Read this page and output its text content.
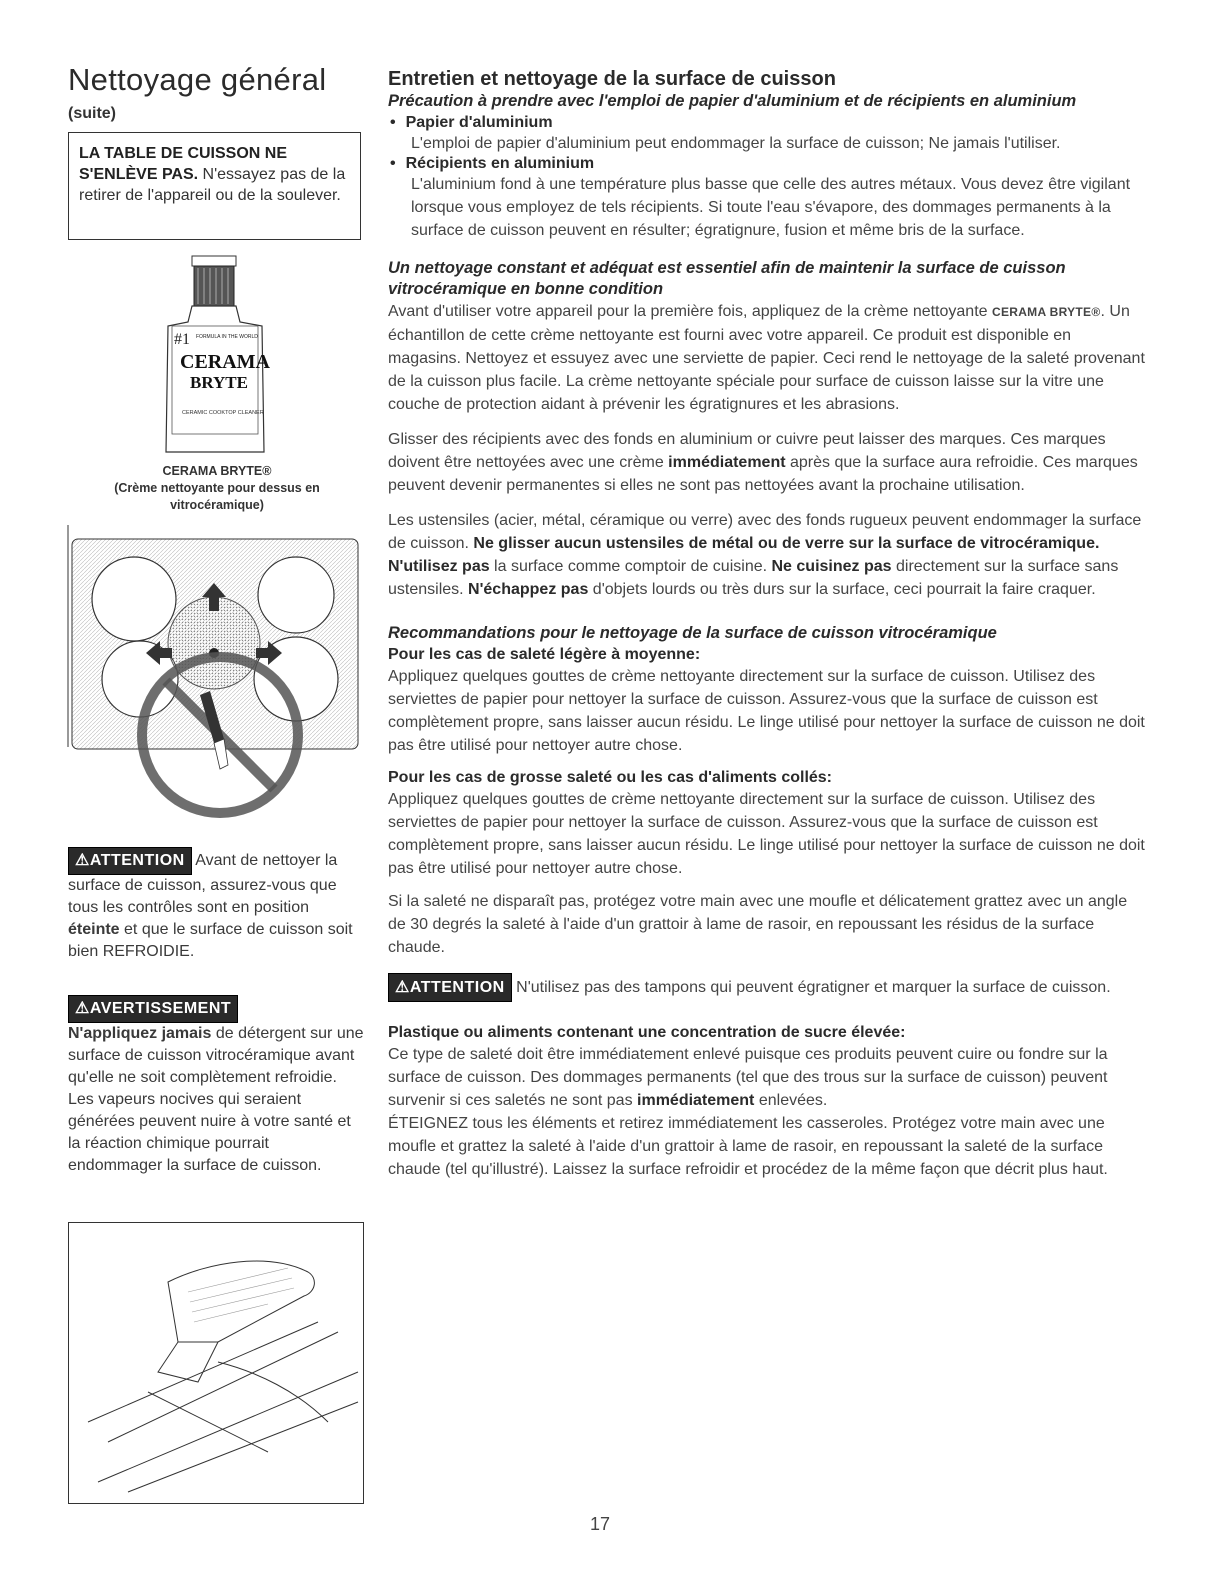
Nettoyage général
(suite)
LA TABLE DE CUISSON NE S'ENLÈVE PAS. N'essayez pas de la retirer de l'appareil ou de la soulever.
#1 FORMULA IN THE WORLD
CERAMA
BRYTE
CERAMIC COOKTOP CLEANER
CERAMA BRYTE®
(Crème nettoyante pour dessus en vitrocéramique)
⚠ATTENTION Avant de nettoyer la surface de cuisson, assurez-vous que tous les contrôles sont en position éteinte et que le surface de cuisson soit bien REFROIDIE.
⚠AVERTISSEMENT
N'appliquez jamais de détergent sur une surface de cuisson vitrocéramique avant qu'elle ne soit complètement refroidie. Les vapeurs nocives qui seraient générées peuvent nuire à votre santé et la réaction chimique pourrait endommager la surface de cuisson.
Entretien et nettoyage de la surface de cuisson
Précaution à prendre avec l'emploi de papier d'aluminium et de récipients en aluminium
• Papier d'aluminium
L'emploi de papier d'aluminium peut endommager la surface de cuisson; Ne jamais l'utiliser.
• Récipients en aluminium
L'aluminium fond à une température plus basse que celle des autres métaux. Vous devez être vigilant lorsque vous employez de tels récipients. Si toute l'eau s'évapore, des dommages permanents à la surface de cuisson peuvent en résulter; égratignure, fusion et même bris de la surface.
Un nettoyage constant et adéquat est essentiel afin de maintenir la surface de cuisson vitrocéramique en bonne condition
Avant d'utiliser votre appareil pour la première fois, appliquez de la crème nettoyante CERAMA BRYTE®. Un échantillon de cette crème nettoyante est fourni avec votre appareil. Ce produit est disponible en magasins. Nettoyez et essuyez avec une serviette de papier. Ceci rend le nettoyage de la saleté provenant de la cuisson plus facile. La crème nettoyante spéciale pour surface de cuisson laisse sur la vitre une couche de protection aidant à prévenir les égratignures et les abrasions.
Glisser des récipients avec des fonds en aluminium or cuivre peut laisser des marques. Ces marques doivent être nettoyées avec une crème immédiatement après que la surface aura refroidie. Ces marques peuvent devenir permanentes si elles ne sont pas nettoyées avant la prochaine utilisation.
Les ustensiles (acier, métal, céramique ou verre) avec des fonds rugueux peuvent endommager la surface de cuisson. Ne glisser aucun ustensiles de métal ou de verre sur la surface de vitrocéramique. N'utilisez pas la surface comme comptoir de cuisine. Ne cuisinez pas directement sur la surface sans ustensiles. N'échappez pas d'objets lourds ou très durs sur la surface, ceci pourrait la faire craquer.
Recommandations pour le nettoyage de la surface de cuisson vitrocéramique
Pour les cas de saleté légère à moyenne:
Appliquez quelques gouttes de crème nettoyante directement sur la surface de cuisson. Utilisez des serviettes de papier pour nettoyer la surface de cuisson. Assurez-vous que la surface de cuisson est complètement propre, sans laisser aucun résidu. Le linge utilisé pour nettoyer la surface de cuisson ne doit pas être utilisé pour nettoyer autre chose.
Pour les cas de grosse saleté ou les cas d'aliments collés:
Appliquez quelques gouttes de crème nettoyante directement sur la surface de cuisson. Utilisez des serviettes de papier pour nettoyer la surface de cuisson. Assurez-vous que la surface de cuisson est complètement propre, sans laisser aucun résidu. Le linge utilisé pour nettoyer la surface de cuisson ne doit pas être utilisé pour nettoyer autre chose.
Si la saleté ne disparaît pas, protégez votre main avec une moufle et délicatement grattez avec un angle de 30 degrés la saleté à l'aide d'un grattoir à lame de rasoir, en repoussant les résidus de la surface chaude.
⚠ATTENTION N'utilisez pas des tampons qui peuvent égratigner et marquer la surface de cuisson.
Plastique ou aliments contenant une concentration de sucre élevée:
Ce type de saleté doit être immédiatement enlevé puisque ces produits peuvent cuire ou fondre sur la surface de cuisson. Des dommages permanents (tel que des trous sur la surface de cuisson) peuvent survenir si ces saletés ne sont pas immédiatement enlevées.
ÉTEIGNEZ tous les éléments et retirez immédiatement les casseroles. Protégez votre main avec une moufle et grattez la saleté à l'aide d'un grattoir à lame de rasoir, en repoussant la saleté de la surface chaude (tel qu'illustré). Laissez la surface refroidir et procédez de la même façon que décrit plus haut.
17
